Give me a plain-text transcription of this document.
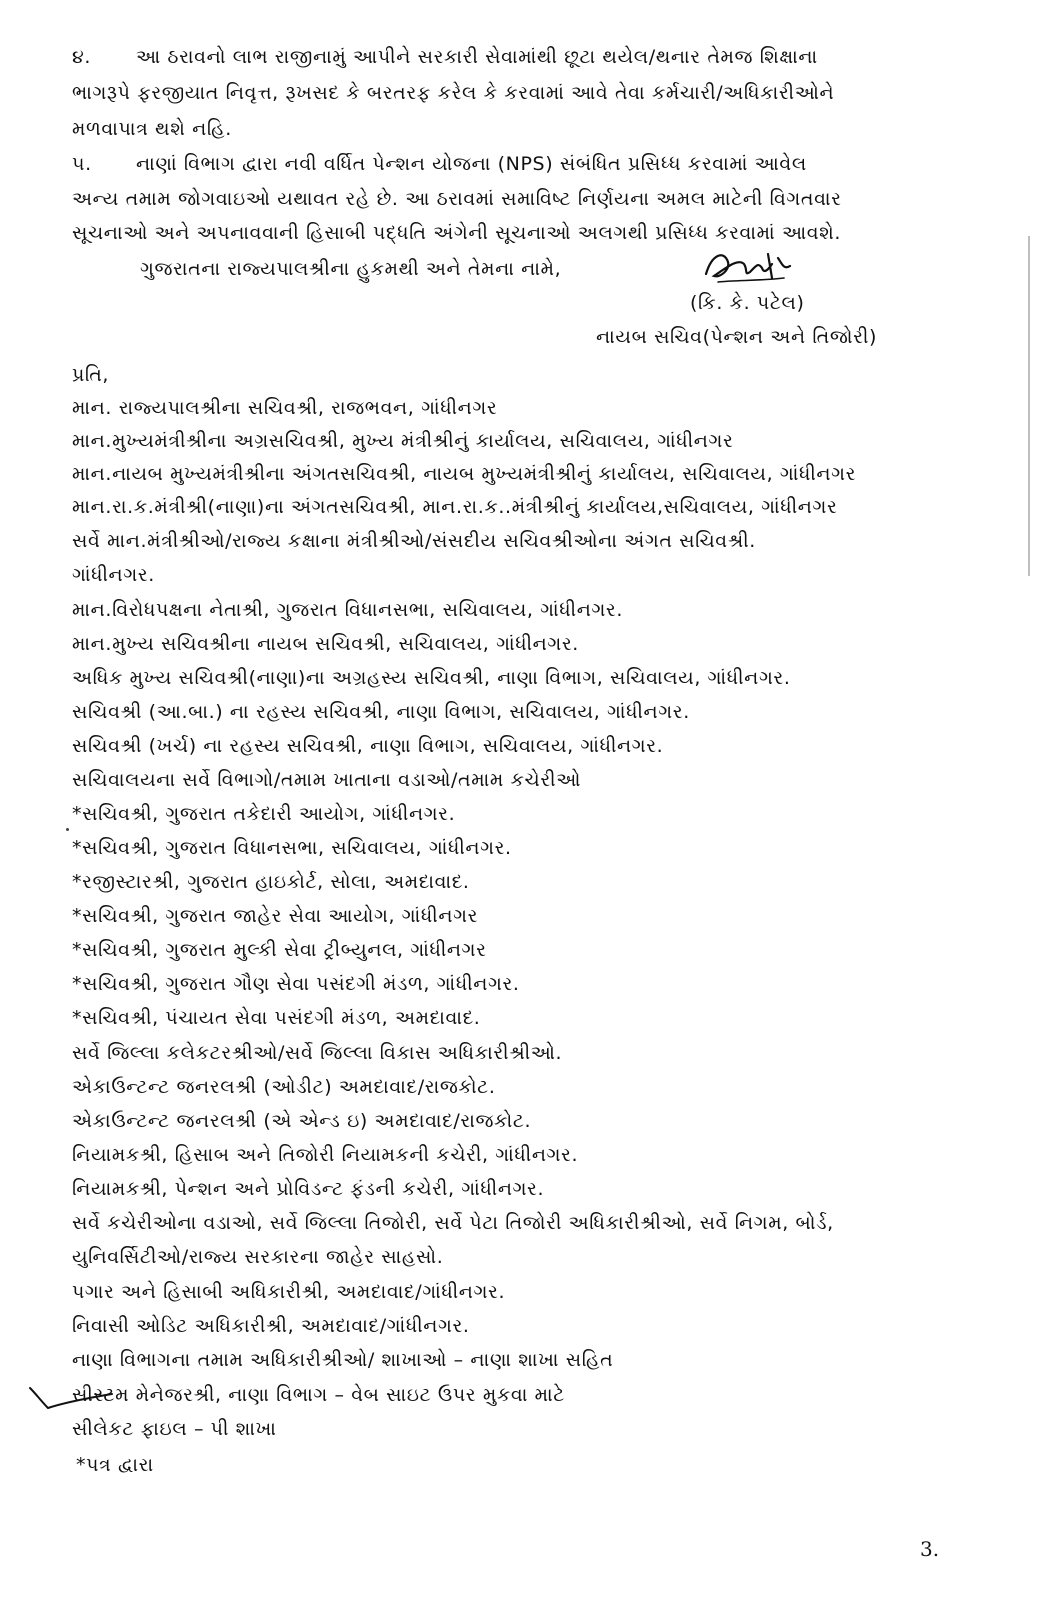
૪. આ ઠરાવનો લાભ રાજીનામું આપીને સરકારી સેવામાંથી છૂટા થયેલ/થનાર તેમજ શિક્ષાના
ભાગરૂપે ફરજીયાત નિવૃત્ત, રૂખસદ કે બરતરફ કરેલ કે કરવામાં આવે તેવા કર્મચારી/અધિકારીઓને
મળવાપાત્ર થશે નહિ.
૫. નાણાં વિભાગ દ્વારા નવી વર્ધિત પેન્શન યોજના (NPS) સંબંધિત પ્રસિધ્ધ કરવામાં આવેલ
અન્ય તમામ જોગવાઇઓ યથાવત રહે છે. આ ઠરાવમાં સમાવિષ્ટ નિર્ણયના અમલ માટેની વિગતવાર
સૂચનાઓ અને અપનાવવાની હિસાબી પદ્ધતિ અંગેની સૂચનાઓ અલગથી પ્રસિધ્ધ કરવામાં આવશે.
ગુજરાતના રાજ્યપાલશ્રીના હુકમથી અને તેમના નામે,
(કિ. કે. પટેલ)
નાયબ સચિવ(પેન્શન અને તિજોરી)
પ્રતિ,
માન. રાજ્યપાલશ્રીના સચિવશ્રી, રાજભવન, ગાંધીનગર
માન.મુખ્યમંત્રીશ્રીના અગ્રસચિવશ્રી, મુખ્ય મંત્રીશ્રીનું કાર્યાલય, સચિવાલય, ગાંધીનગર
માન.નાયબ મુખ્યમંત્રીશ્રીના અંગતસચિવશ્રી, નાયબ મુખ્યમંત્રીશ્રીનું કાર્યાલય, સચિવાલય, ગાંધીનગર
માન.રા.ક.મંત્રીશ્રી(નાણા)ના અંગતસચિવશ્રી, માન.રા.ક..મંત્રીશ્રીનું કાર્યાલય,સચિવાલય, ગાંધીનગર
સર્વે માન.મંત્રીશ્રીઓ/રાજ્ય કક્ષાના મંત્રીશ્રીઓ/સંસદીય સચિવશ્રીઓના અંગત સચિવશ્રી.
ગાંધીનગર.
માન.વિરોધપક્ષના નેતાશ્રી, ગુજરાત વિધાનસભા, સચિવાલય, ગાંધીનગર.
માન.મુખ્ય સચિવશ્રીના નાયબ સચિવશ્રી, સચિવાલય, ગાંધીનગર.
અધિક મુખ્ય સચિવશ્રી(નાણા)ના અગ્રહસ્ય સચિવશ્રી, નાણા વિભાગ, સચિવાલય, ગાંધીનગર.
સચિવશ્રી (આ.બા.) ના રહસ્ય સચિવશ્રી, નાણા વિભાગ, સચિવાલય, ગાંધીનગર.
સચિવશ્રી (ખર્ચ) ના રહસ્ય સચિવશ્રી, નાણા વિભાગ, સચિવાલય, ગાંધીનગર.
સચિવાલયના સર્વે વિભાગો/તમામ ખાતાના વડાઓ/તમામ કચેરીઓ
*સચિવશ્રી, ગુજરાત તકેદારી આયોગ, ગાંધીનગર.
*સચિવશ્રી, ગુજરાત વિધાનસભા, સચિવાલય, ગાંધીનગર.
*રજીસ્ટારશ્રી, ગુજરાત હાઇકોર્ટ, સોલા, અમદાવાદ.
*સચિવશ્રી, ગુજરાત જાહેર સેવા આયોગ, ગાંધીનગર
*સચિવશ્રી, ગુજરાત મુલ્કી સેવા ટ્રીબ્યુનલ, ગાંધીનગર
*સચિવશ્રી, ગુજરાત ગૌણ સેવા પસંદગી મંડળ, ગાંધીનગર.
*સચિવશ્રી, પંચાયત સેવા પસંદગી મંડળ, અમદાવાદ.
સર્વે જિલ્લા કલેકટરશ્રીઓ/સર્વે જિલ્લા વિકાસ અધિકારીશ્રીઓ.
એકાઉન્ટન્ટ જનરલશ્રી (ઓડીટ) અમદાવાદ/રાજકોટ.
એકાઉન્ટન્ટ જનરલશ્રી (એ એન્ડ ઇ) અમદાવાદ/રાજકોટ.
નિયામકશ્રી, હિસાબ અને તિજોરી નિયામકની કચેરી, ગાંધીનગર.
નિયામકશ્રી, પેન્શન અને પ્રોવિડન્ટ ફંડની કચેરી, ગાંધીનગર.
સર્વે કચેરીઓના વડાઓ, સર્વે જિલ્લા તિજોરી, સર્વે પેટા તિજોરી અધિકારીશ્રીઓ, સર્વે નિગમ, બોર્ડ,
યુનિવર્સિટીઓ/રાજ્ય સરકારના જાહેર સાહસો.
પગાર અને હિસાબી અધિકારીશ્રી, અમદાવાદ/ગાંધીનગર.
નિવાસી ઓડિટ અધિકારીશ્રી, અમદાવાદ/ગાંધીનગર.
નાણા વિભાગના તમામ અધિકારીશ્રીઓ/ શાખાઓ – નાણા શાખા સહિત
સીસ્ટમ મેનેજરશ્રી, નાણા વિભાગ – વેબ સાઇટ ઉપર મુકવા માટે
સીલેકટ ફાઇલ – પી શાખા
*પત્ર દ્વારા
3.
